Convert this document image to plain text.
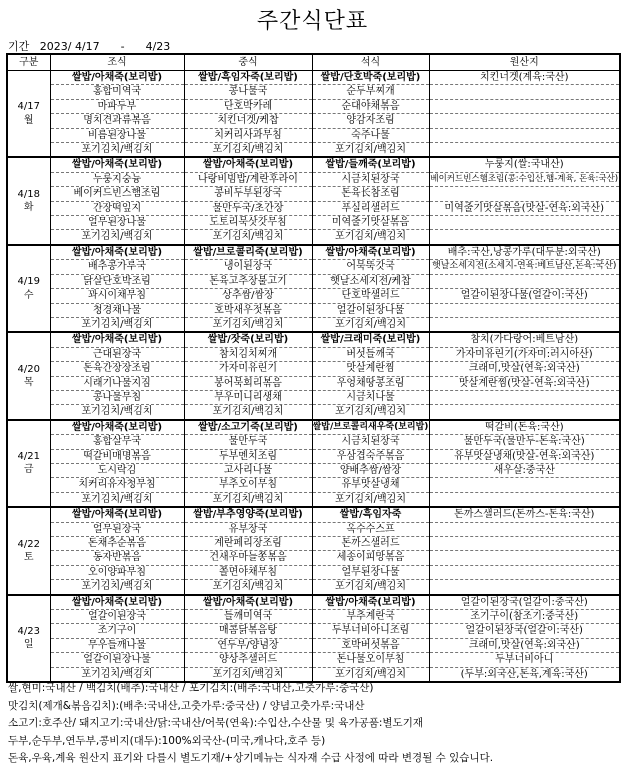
주간식단표
기간   2023/ 4/17      -      4/23
구분	조식	중식	석식	원산지

4/17
월	쌀밥/아채죽(보리밥)	쌀밥/흑임자죽(보리밥)	쌀밥/단호박죽(보리밥)	치킨너겟(계육:국산)
	홍합미역국	콩나물국	순두부찌개	
	마파두부	단호박카레	순대야채볶음	
	명치견과류볶음	치킨너겟/케찹	양감자조림	
	비름된장나물	치커리사과무침	숙주나물	
	포기김치/백김치	포기김치/백김치	포기김치/백김치	

4/18
화	쌀밥/아채죽(보리밥)	쌀밥/아채죽(보리밥)	쌀밥/들깨죽(보리밥)	누룽지(쌀:국내산)
	누룽지숭늉	나랑비빔밥/계란후라이	시금치된장국	베이커드빈스햄조림(콩:수입산,햄-계육, 돈육:국산)
	베이커드빈스햄조림	콩비두부된장국	돈육长참조림	
	간장떡잎지	물만두국/초간장	푸실리샐러드	미역줄기맛살볶음(맛살-연육:외국산)
	얼무된장나물	도토리묵삿갓무침	미역줄기맛살볶음	
	포기김치/백김치	포기김치/백김치	포기김치/백김치	

4/19
수	쌀밥/아채죽(보리밥)	쌀밥/브로콜리죽(보리밥)	쌀밥/아채죽(보리밥)	배추:국산,낭콩가루(대두분:외국산)
	배추콩가루국	냉이된장국	어묵뚝갓국	햇날소세지전(소세지-연육:베트남산,돈육:국산)
	닭살단호박조림	돈육고추장불고기	햇날소세지전/케찹	
	꽈시이채무침	상추쌈/쌈장	단호박샐러드	얼갈이된장나물(얼갈이:국산)
	청경채나물	호박새우젓볶음	얼갈이된장나물	
	포기김치/백김치	포기김치/백김치	포기김치/백김치	

4/20
목	쌀밥/아채죽(보리밥)	쌀밥/잣죽(보리밥)	쌀밥/크래미죽(보리밥)	참치(가다랑어:베트남산)
	근대된장국	참치김치찌개	버섯들깨국	가자미유린기(가자미:러시아산)
	돈육간장장조림	가자미유린기	맛살계란찜	크래미,맛살(연육:외국산)
	시래기나물지짐	봉어묵회리볶음	우엉채땅콩조림	맛살계란찜(맛살-연육:외국산)
	콩나물무침	무우미니리생채	시금치나물	
	포기김치/백김치	포기김치/백김치	포기김치/백김치	

4/21
금	쌀밥/아채죽(보리밥)	쌀밥/소고기죽(보리밥)	쌀밥/브로콜리새우죽(보리밥)	떡갈비(돈육:국산)
	홍합살무국	물만두국	시금치된장국	물만두국(물만두-돈육:국산)
	떡갈비매명볶음	두부멘치조림	우삼겹숙주볶음	유부맛살냉채(맛살-연육:외국산)
	도시락김	고사리나물	양배추쌈/쌈장	새우살:중국산
	치커리유자청무침	부추오이무침	유부맛살냉채	
	포기김치/백김치	포기김치/백김치	포기김치/백김치	

4/22
토	쌀밥/아채죽(보리밥)	쌀밥/부추영양죽(보리밥)	쌀밥/흑임자죽	돈까스샐러드(돈까스-돈육:국산)
	얼무된장국	유부장국	옥수수스프	
	돈채추순볶음	계란페리장조림	돈까스샐러드	
	동자반볶음	건새우마늘쫑볶음	세송이피망볶음	
	오이양파무침	쫄면야채무침	얼무된장나물	
	포기김치/백김치	포기김치/백김치	포기김치/백김치	

4/23
일	쌀밥/아채죽(보리밥)	쌀밥/아채죽(보리밥)	쌀밥/아채죽(보리밥)	얼갈이된장국(얼갈이:중국산)
	얼갈이된장국	들깨미역국	부추계란국	조기구이(참조기:중국산)
	조기구이	매콤닭볶음탕	두부너비아니조림	얼갈이된장국(얼갈이:국산)
	무우들깨나물	연두부/양념장	호박버섯볶음	크래미,맛살(연육:외국산)
	얼갈이된장나물	양상추샐러드	돈나물오이무침	두부너비아니
	포기김치/백김치	포기김치/백김치	포기김치/백김치	(두부:외국산,돈육,계육:국산)
쌀,현미:국내산 / 백김치(배추):국내산 / 포기김치:(배추:국내산,고춧가루:중국산)
맛김치(제개&볶음김치):(배추:국내산,고춧가루:중국산) / 양념고춧가루:국내산
소고기:호주산/ 돼지고기:국내산/닭:국내산/어묵(연육):수입산,수산물 및 육가공품:별도기재
두부,순두부,연두부,콩비지(대두):100%외국산-(미국,캐나다,호주 등)
돈육,우육,계육 원산지 표기와 다를시 별도기재/+상기메뉴는 식자재 수급 사정에 따라 변경될 수 있습니다.
